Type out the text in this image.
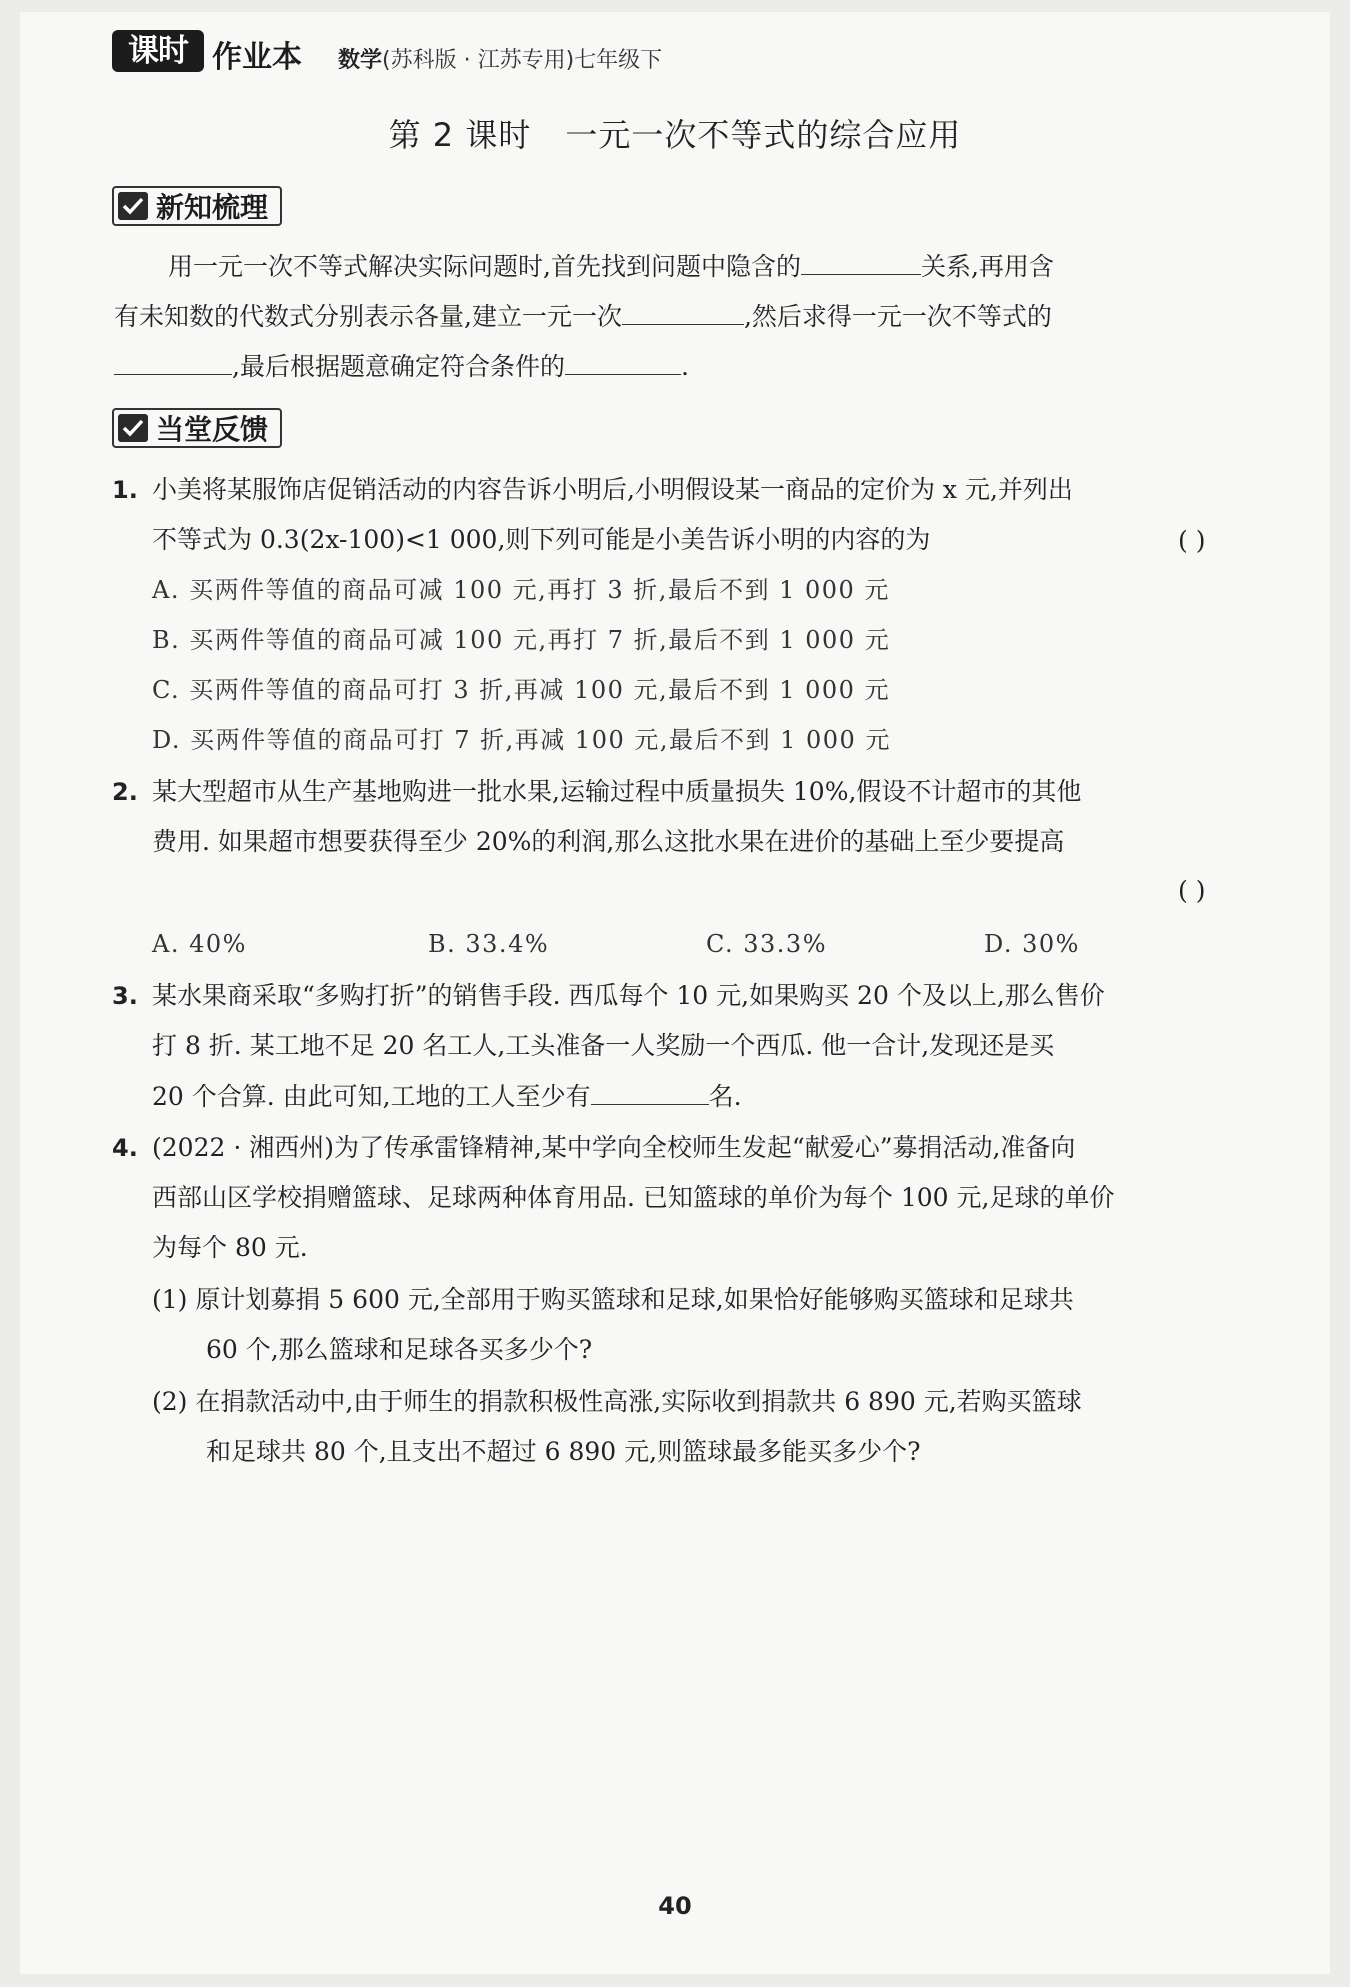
课时 作业本 数学(苏科版 · 江苏专用)七年级下
第 2 课时 一元一次不等式的综合应用
新知梳理
用一元一次不等式解决实际问题时,首先找到问题中隐含的	关系,再用含
有未知数的代数式分别表示各量,建立一元一次	,然后求得一元一次不等式的
,最后根据题意确定符合条件的	.
当堂反馈
1. 小美将某服饰店促销活动的内容告诉小明后,小明假设某一商品的定价为 x 元,并列出
不等式为 0.3(2x-100)<1 000,则下列可能是小美告诉小明的内容的为	( )
A. 买两件等值的商品可减 100 元,再打 3 折,最后不到 1 000 元
B. 买两件等值的商品可减 100 元,再打 7 折,最后不到 1 000 元
C. 买两件等值的商品可打 3 折,再减 100 元,最后不到 1 000 元
D. 买两件等值的商品可打 7 折,再减 100 元,最后不到 1 000 元
2. 某大型超市从生产基地购进一批水果,运输过程中质量损失 10%,假设不计超市的其他
费用. 如果超市想要获得至少 20%的利润,那么这批水果在进价的基础上至少要提高
( )
A. 40%	B. 33.4%	C. 33.3%	D. 30%
3. 某水果商采取“多购打折”的销售手段. 西瓜每个 10 元,如果购买 20 个及以上,那么售价
打 8 折. 某工地不足 20 名工人,工头准备一人奖励一个西瓜. 他一合计,发现还是买
20 个合算. 由此可知,工地的工人至少有	名.
4. (2022 · 湘西州)为了传承雷锋精神,某中学向全校师生发起“献爱心”募捐活动,准备向
西部山区学校捐赠篮球、足球两种体育用品. 已知篮球的单价为每个 100 元,足球的单价
为每个 80 元.
(1) 原计划募捐 5 600 元,全部用于购买篮球和足球,如果恰好能够购买篮球和足球共
60 个,那么篮球和足球各买多少个?
(2) 在捐款活动中,由于师生的捐款积极性高涨,实际收到捐款共 6 890 元,若购买篮球
和足球共 80 个,且支出不超过 6 890 元,则篮球最多能买多少个?
40
